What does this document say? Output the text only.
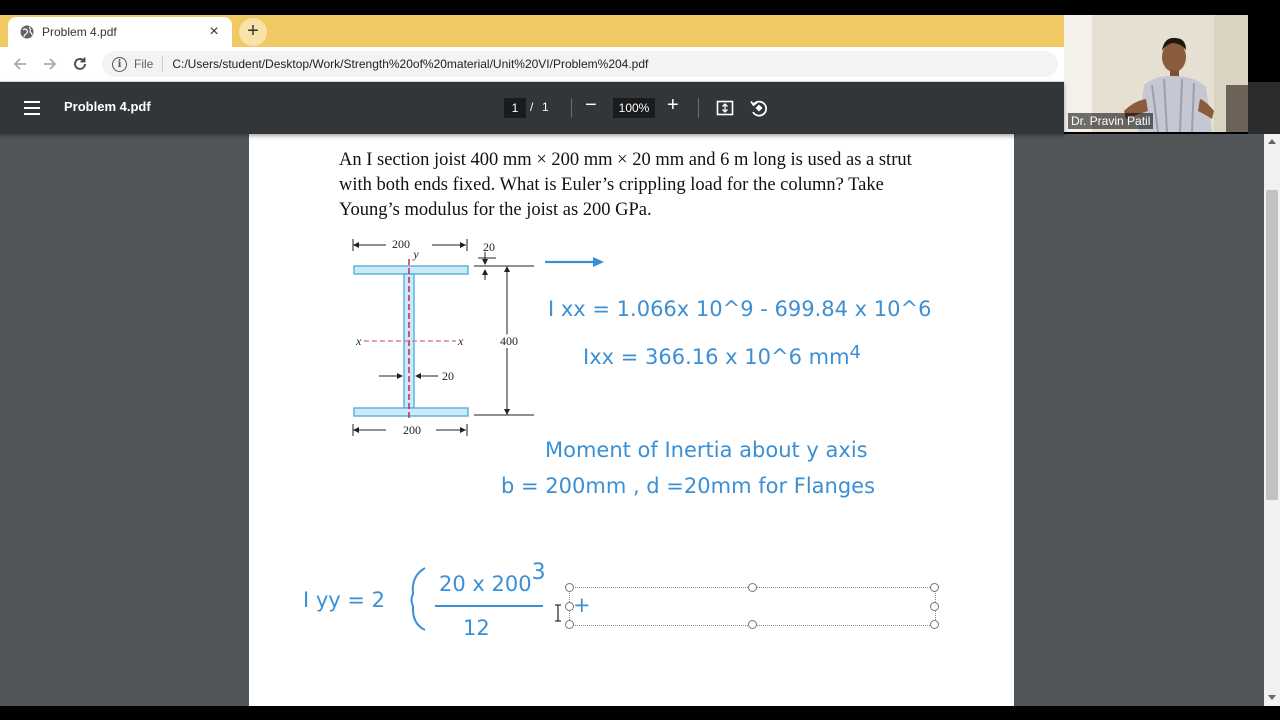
Problem 4.pdf	×	+
i	File C:/Users/student/Desktop/Work/Strength%20of%20material/Unit%20VI/Problem%204.pdf
Problem 4.pdf	1 / 1 −	100% +

An I section joist 400 mm × 200 mm × 20 mm and 6 m long is used as a strut with both ends fixed. What is Euler’s crippling load for the column? Take Young’s modulus for the joist as 200 GPa.

200
y	20
x	x	400
20
200
I xx = 1.066x 10^9 - 699.84 x 10^6
Ixx = 366.16 x 10^6 mm4
Moment of Inertia about y axis
b = 200mm , d =20mm for Flanges
I yy = 2
20 x 2003
12
+
Dr. Pravin Patil
